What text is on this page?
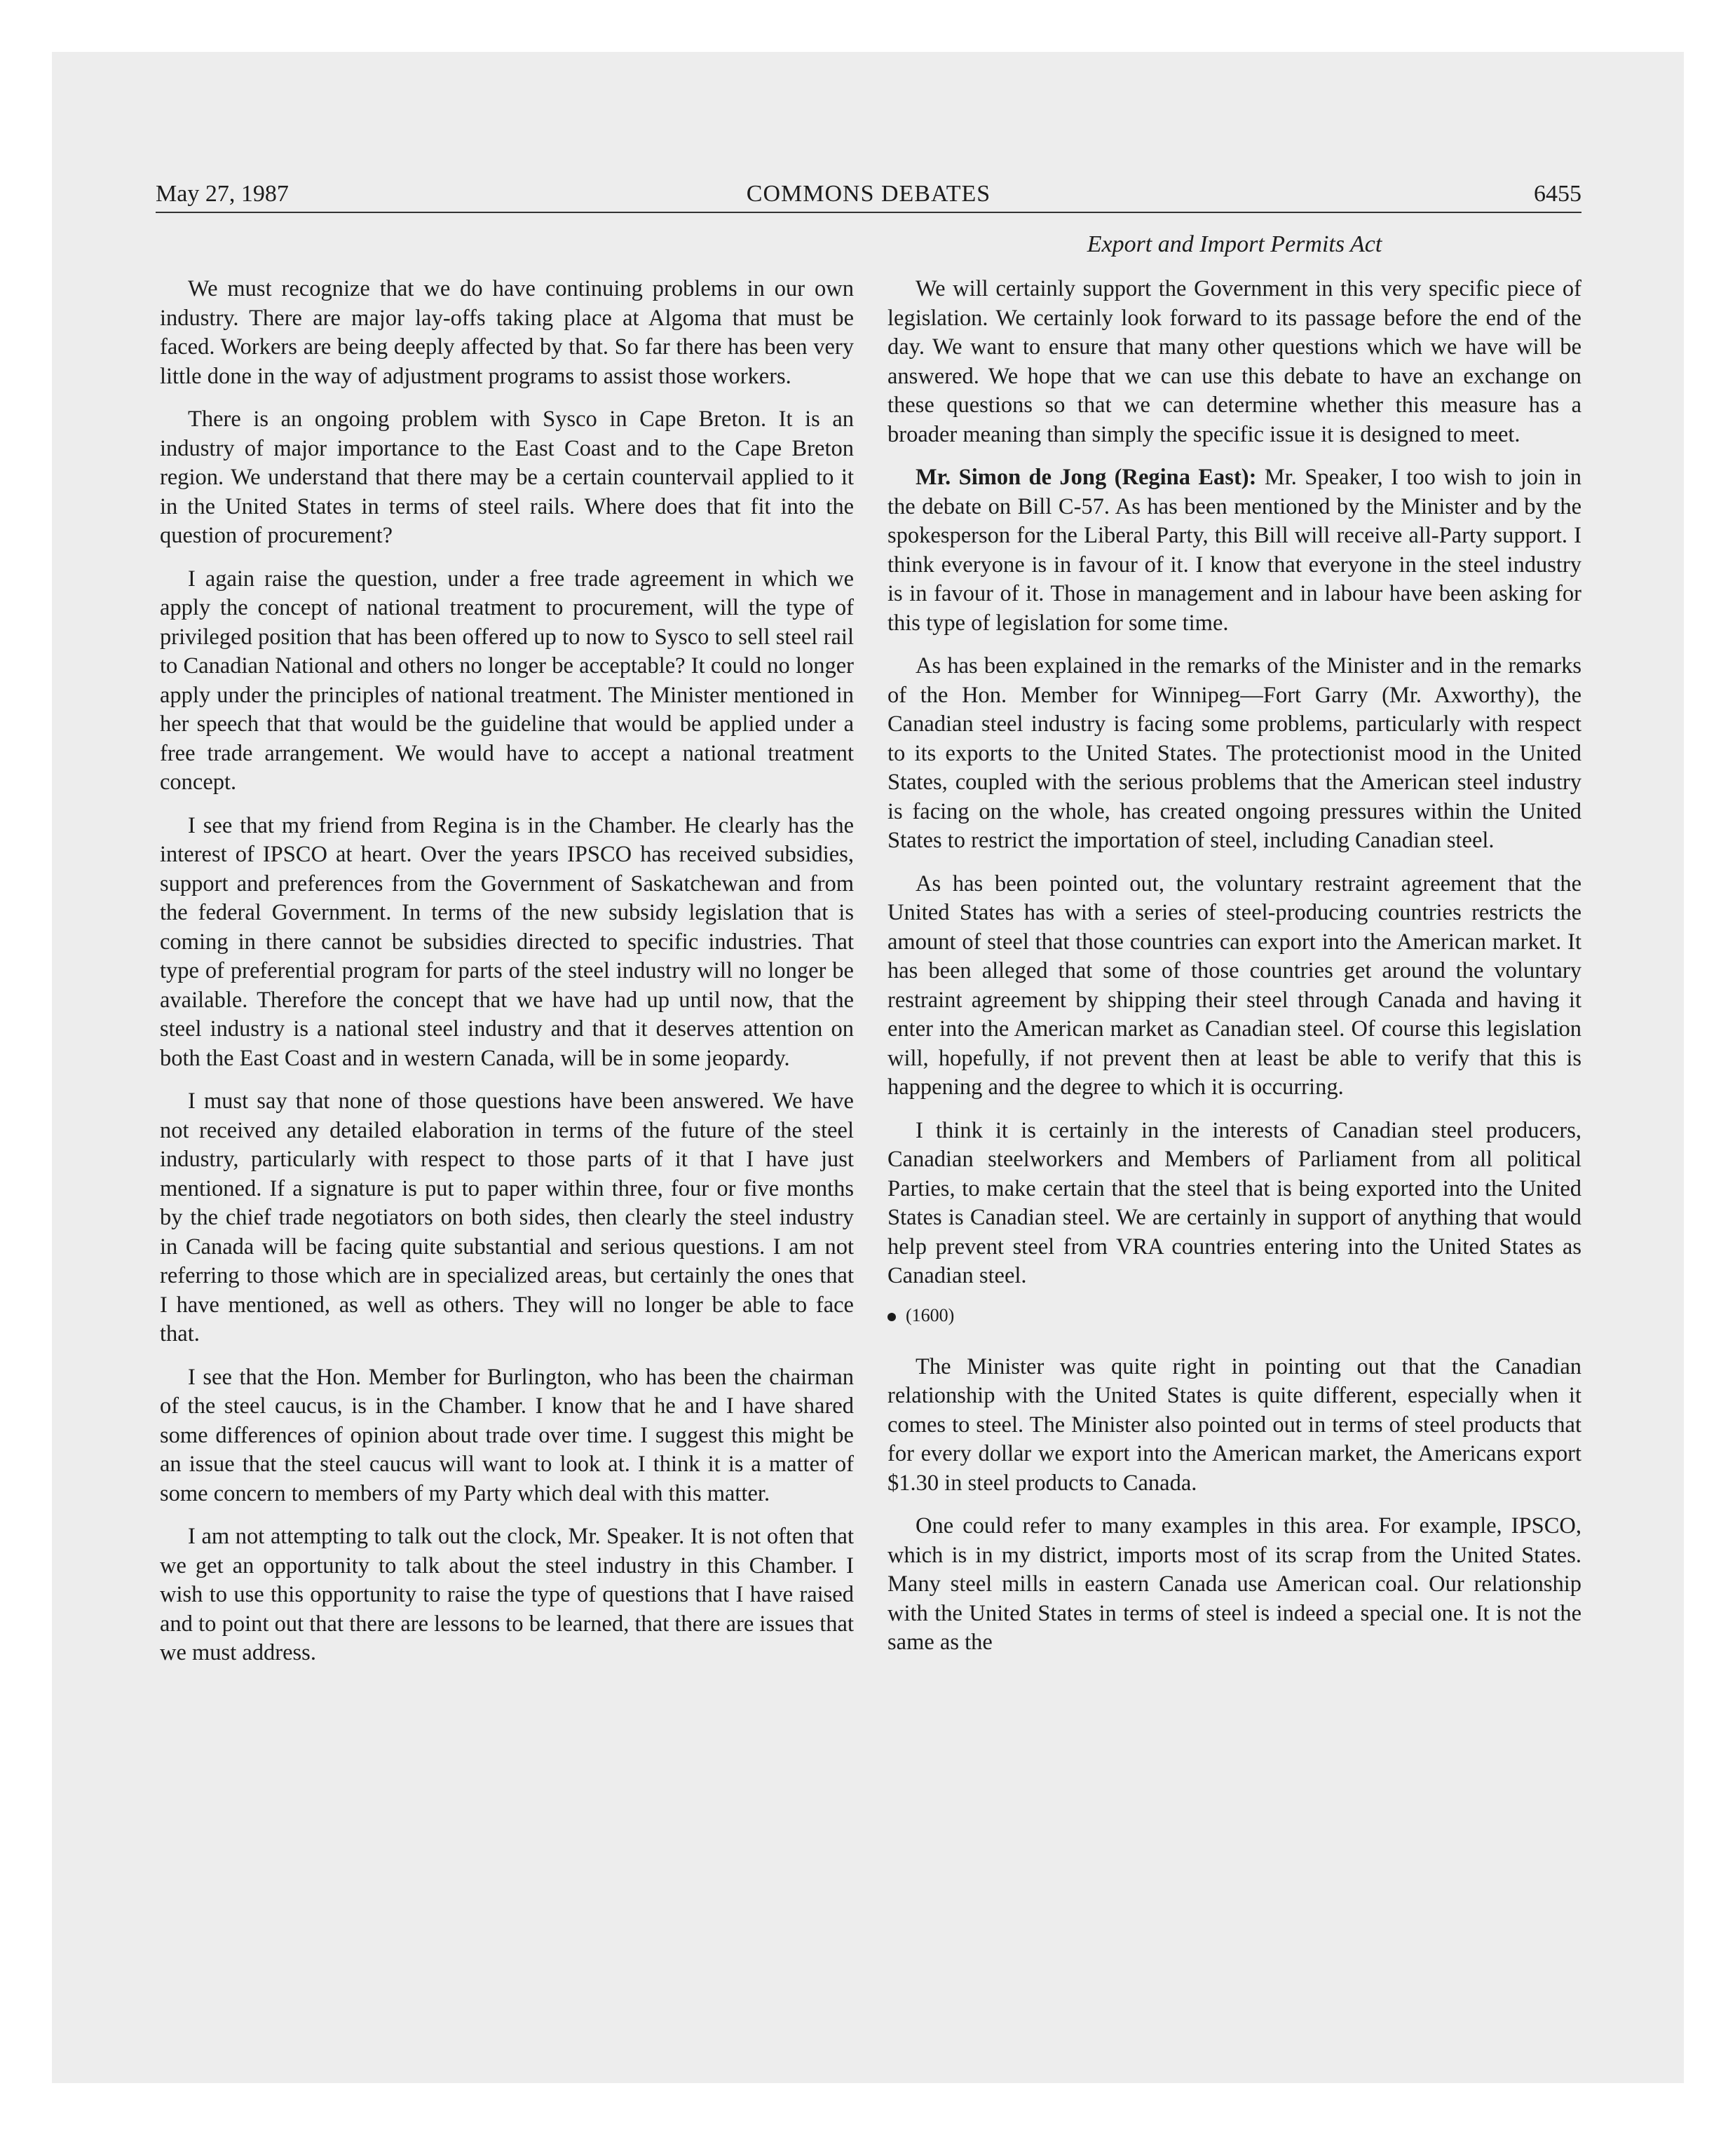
May 27, 1987	COMMONS DEBATES	6455
Export and Import Permits Act

We must recognize that we do have continuing problems in our own industry. There are major lay-offs taking place at Algoma that must be faced. Workers are being deeply affected by that. So far there has been very little done in the way of adjustment programs to assist those workers.

There is an ongoing problem with Sysco in Cape Breton. It is an industry of major importance to the East Coast and to the Cape Breton region. We understand that there may be a certain countervail applied to it in the United States in terms of steel rails. Where does that fit into the question of procurement?

I again raise the question, under a free trade agreement in which we apply the concept of national treatment to procurement, will the type of privileged position that has been offered up to now to Sysco to sell steel rail to Canadian National and others no longer be acceptable? It could no longer apply under the principles of national treatment. The Minister mentioned in her speech that that would be the guideline that would be applied under a free trade arrangement. We would have to accept a national treatment concept.

I see that my friend from Regina is in the Chamber. He clearly has the interest of IPSCO at heart. Over the years IPSCO has received subsidies, support and preferences from the Government of Saskatchewan and from the federal Government. In terms of the new subsidy legislation that is coming in there cannot be subsidies directed to specific industries. That type of preferential program for parts of the steel industry will no longer be available. Therefore the concept that we have had up until now, that the steel industry is a national steel industry and that it deserves attention on both the East Coast and in western Canada, will be in some jeopardy.

I must say that none of those questions have been answered. We have not received any detailed elaboration in terms of the future of the steel industry, particularly with respect to those parts of it that I have just mentioned. If a signature is put to paper within three, four or five months by the chief trade negotiators on both sides, then clearly the steel industry in Canada will be facing quite substantial and serious questions. I am not referring to those which are in specialized areas, but certainly the ones that I have mentioned, as well as others. They will no longer be able to face that.

I see that the Hon. Member for Burlington, who has been the chairman of the steel caucus, is in the Chamber. I know that he and I have shared some differences of opinion about trade over time. I suggest this might be an issue that the steel caucus will want to look at. I think it is a matter of some concern to members of my Party which deal with this matter.

I am not attempting to talk out the clock, Mr. Speaker. It is not often that we get an opportunity to talk about the steel industry in this Chamber. I wish to use this opportunity to raise the type of questions that I have raised and to point out that there are lessons to be learned, that there are issues that we must address.

We will certainly support the Government in this very specific piece of legislation. We certainly look forward to its passage before the end of the day. We want to ensure that many other questions which we have will be answered. We hope that we can use this debate to have an exchange on these questions so that we can determine whether this measure has a broader meaning than simply the specific issue it is designed to meet.

Mr. Simon de Jong (Regina East): Mr. Speaker, I too wish to join in the debate on Bill C-57. As has been mentioned by the Minister and by the spokesperson for the Liberal Party, this Bill will receive all-Party support. I think everyone is in favour of it. I know that everyone in the steel industry is in favour of it. Those in management and in labour have been asking for this type of legislation for some time.

As has been explained in the remarks of the Minister and in the remarks of the Hon. Member for Winnipeg—Fort Garry (Mr. Axworthy), the Canadian steel industry is facing some problems, particularly with respect to its exports to the United States. The protectionist mood in the United States, coupled with the serious problems that the American steel industry is facing on the whole, has created ongoing pressures within the United States to restrict the importation of steel, including Canadian steel.

As has been pointed out, the voluntary restraint agreement that the United States has with a series of steel-producing countries restricts the amount of steel that those countries can export into the American market. It has been alleged that some of those countries get around the voluntary restraint agreement by shipping their steel through Canada and having it enter into the American market as Canadian steel. Of course this legislation will, hopefully, if not prevent then at least be able to verify that this is happening and the degree to which it is occurring.

I think it is certainly in the interests of Canadian steel producers, Canadian steelworkers and Members of Parliament from all political Parties, to make certain that the steel that is being exported into the United States is Canadian steel. We are certainly in support of anything that would help prevent steel from VRA countries entering into the United States as Canadian steel.

(1600)

The Minister was quite right in pointing out that the Canadian relationship with the United States is quite different, especially when it comes to steel. The Minister also pointed out in terms of steel products that for every dollar we export into the American market, the Americans export $1.30 in steel products to Canada.

One could refer to many examples in this area. For example, IPSCO, which is in my district, imports most of its scrap from the United States. Many steel mills in eastern Canada use American coal. Our relationship with the United States in terms of steel is indeed a special one. It is not the same as the
